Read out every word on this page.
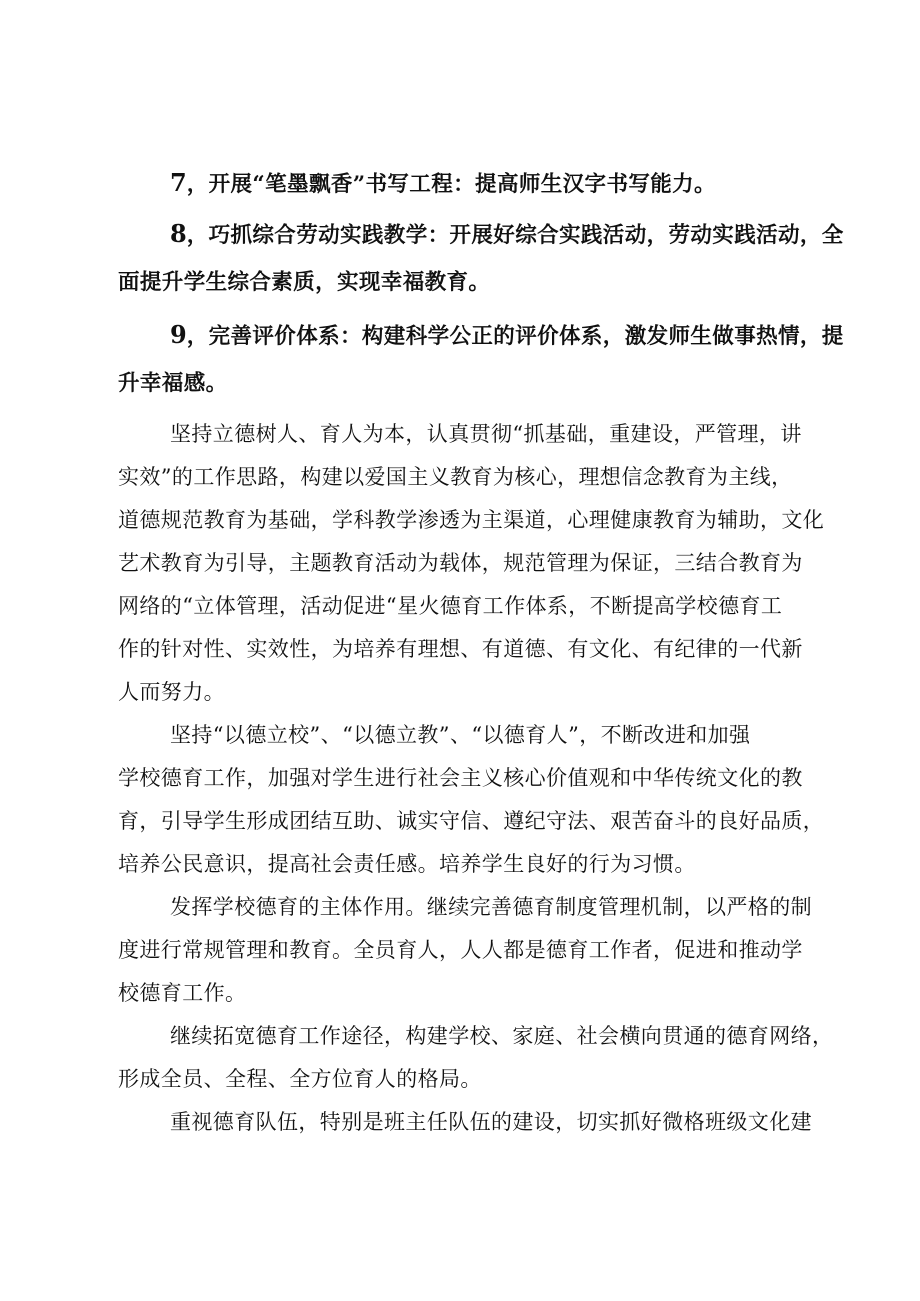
7，开展“笔墨飘香”书写工程：提高师生汉字书写能力。
8，巧抓综合劳动实践教学：开展好综合实践活动，劳动实践活动，全
面提升学生综合素质，实现幸福教育。
9，完善评价体系：构建科学公正的评价体系，激发师生做事热情，提
升幸福感。
坚持立德树人、育人为本，认真贯彻“抓基础，重建设，严管理，讲
实效”的工作思路，构建以爱国主义教育为核心，理想信念教育为主线，
道德规范教育为基础，学科教学渗透为主渠道，心理健康教育为辅助，文化
艺术教育为引导，主题教育活动为载体，规范管理为保证，三结合教育为
网络的“立体管理，活动促进“星火德育工作体系，不断提高学校德育工
作的针对性、实效性，为培养有理想、有道德、有文化、有纪律的一代新
人而努力。
坚持“以德立校”、“以德立教”、“以德育人”，不断改进和加强
学校德育工作，加强对学生进行社会主义核心价值观和中华传统文化的教
育，引导学生形成团结互助、诚实守信、遵纪守法、艰苦奋斗的良好品质，
培养公民意识，提高社会责任感。培养学生良好的行为习惯。
发挥学校德育的主体作用。继续完善德育制度管理机制，以严格的制
度进行常规管理和教育。全员育人，人人都是德育工作者，促进和推动学
校德育工作。
继续拓宽德育工作途径，构建学校、家庭、社会横向贯通的德育网络，
形成全员、全程、全方位育人的格局。
重视德育队伍，特别是班主任队伍的建设，切实抓好微格班级文化建
